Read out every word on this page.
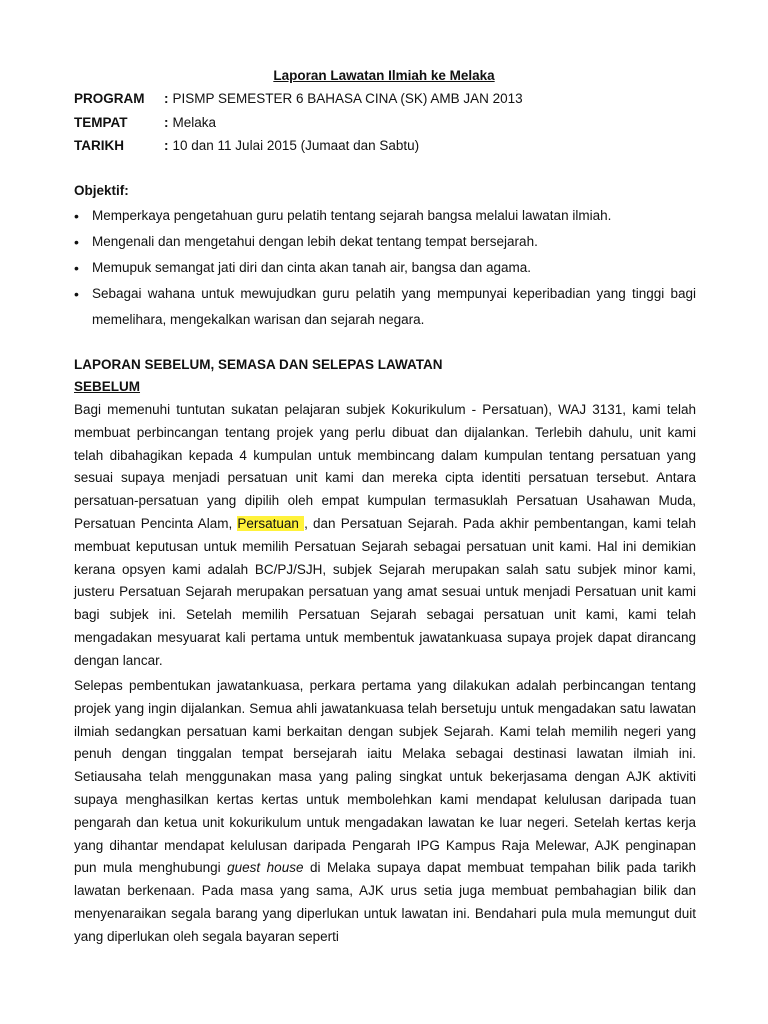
Laporan Lawatan Ilmiah ke Melaka
PROGRAM : PISMP SEMESTER 6 BAHASA CINA (SK) AMB JAN 2013
TEMPAT	: Melaka
TARIKH	: 10 dan 11 Julai 2015 (Jumaat dan Sabtu)
Objektif:
• Memperkaya pengetahuan guru pelatih tentang sejarah bangsa melalui lawatan ilmiah.
• Mengenali dan mengetahui dengan lebih dekat tentang tempat bersejarah.
• Memupuk semangat jati diri dan cinta akan tanah air, bangsa dan agama.
• Sebagai wahana untuk mewujudkan guru pelatih yang mempunyai keperibadian yang tinggi bagi memelihara, mengekalkan warisan dan sejarah negara.
LAPORAN SEBELUM, SEMASA DAN SELEPAS LAWATAN
SEBELUM

Bagi memenuhi tuntutan sukatan pelajaran subjek Kokurikulum - Persatuan), WAJ 3131, kami telah membuat perbincangan tentang projek yang perlu dibuat dan dijalankan. Terlebih dahulu, unit kami telah dibahagikan kepada 4 kumpulan untuk membincang dalam kumpulan tentang persatuan yang sesuai supaya menjadi persatuan unit kami dan mereka cipta identiti persatuan tersebut. Antara persatuan-persatuan yang dipilih oleh empat kumpulan termasuklah Persatuan Usahawan Muda, Persatuan Pencinta Alam, Persatuan , dan Persatuan Sejarah. Pada akhir pembentangan, kami telah membuat keputusan untuk memilih Persatuan Sejarah sebagai persatuan unit kami. Hal ini demikian kerana opsyen kami adalah BC/PJ/SJH, subjek Sejarah merupakan salah satu subjek minor kami, justeru Persatuan Sejarah merupakan persatuan yang amat sesuai untuk menjadi Persatuan unit kami bagi subjek ini. Setelah memilih Persatuan Sejarah sebagai persatuan unit kami, kami telah mengadakan mesyuarat kali pertama untuk membentuk jawatankuasa supaya projek dapat dirancang dengan lancar.

Selepas pembentukan jawatankuasa, perkara pertama yang dilakukan adalah perbincangan tentang projek yang ingin dijalankan. Semua ahli jawatankuasa telah bersetuju untuk mengadakan satu lawatan ilmiah sedangkan persatuan kami berkaitan dengan subjek Sejarah. Kami telah memilih negeri yang penuh dengan tinggalan tempat bersejarah iaitu Melaka sebagai destinasi lawatan ilmiah ini. Setiausaha telah menggunakan masa yang paling singkat untuk bekerjasama dengan AJK aktiviti supaya menghasilkan kertas kertas untuk membolehkan kami mendapat kelulusan daripada tuan pengarah dan ketua unit kokurikulum untuk mengadakan lawatan ke luar negeri. Setelah kertas kerja yang dihantar mendapat kelulusan daripada Pengarah IPG Kampus Raja Melewar, AJK penginapan pun mula menghubungi guest house di Melaka supaya dapat membuat tempahan bilik pada tarikh lawatan berkenaan. Pada masa yang sama, AJK urus setia juga membuat pembahagian bilik dan menyenaraikan segala barang yang diperlukan untuk lawatan ini. Bendahari pula mula memungut duit yang diperlukan oleh segala bayaran seperti
